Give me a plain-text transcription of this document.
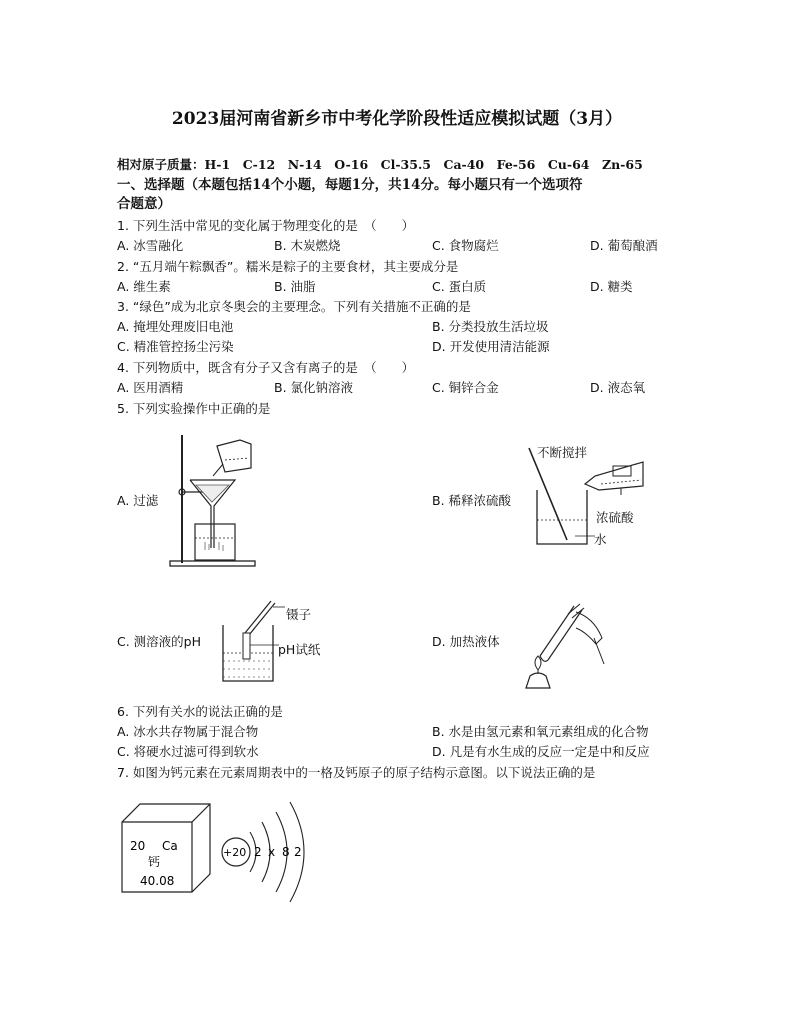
2023届河南省新乡市中考化学阶段性适应模拟试题（3月）
相对原子质量：H-1　C-12　N-14　O-16　Cl-35.5　Ca-40　Fe-56　Cu-64　Zn-65
一、选择题（本题包括14个小题，每题1分，共14分。每小题只有一个选项符
合题意）
1. 下列生活中常见的变化属于物理变化的是　（　　）
A. 冰雪融化	B. 木炭燃烧	C. 食物腐烂	D. 葡萄酿酒
2. “五月端午粽飘香”。糯米是粽子的主要食材，其主要成分是
A. 维生素	B. 油脂	C. 蛋白质	D. 糖类
3. “绿色”成为北京冬奥会的主要理念。下列有关措施不正确的是
A. 掩埋处理废旧电池	B. 分类投放生活垃圾
C. 精准管控扬尘污染	D. 开发使用清洁能源
4. 下列物质中，既含有分子又含有离子的是　（　　）
A. 医用酒精	B. 氯化钠溶液	C. 铜锌合金	D. 液态氧
5. 下列实验操作中正确的是
A. 过滤	B. 稀释浓硫酸
不断搅拌
浓硫酸
水
C. 测溶液的pH
镊子
pH试纸
D. 加热液体
6. 下列有关水的说法正确的是
A. 冰水共存物属于混合物	B. 水是由氢元素和氧元素组成的化合物
C. 将硬水过滤可得到软水	D. 凡是有水生成的反应一定是中和反应
7. 如图为钙元素在元素周期表中的一格及钙原子的原子结构示意图。以下说法正确的是
20 Ca
钙
40.08
+20 2 x 8 2
